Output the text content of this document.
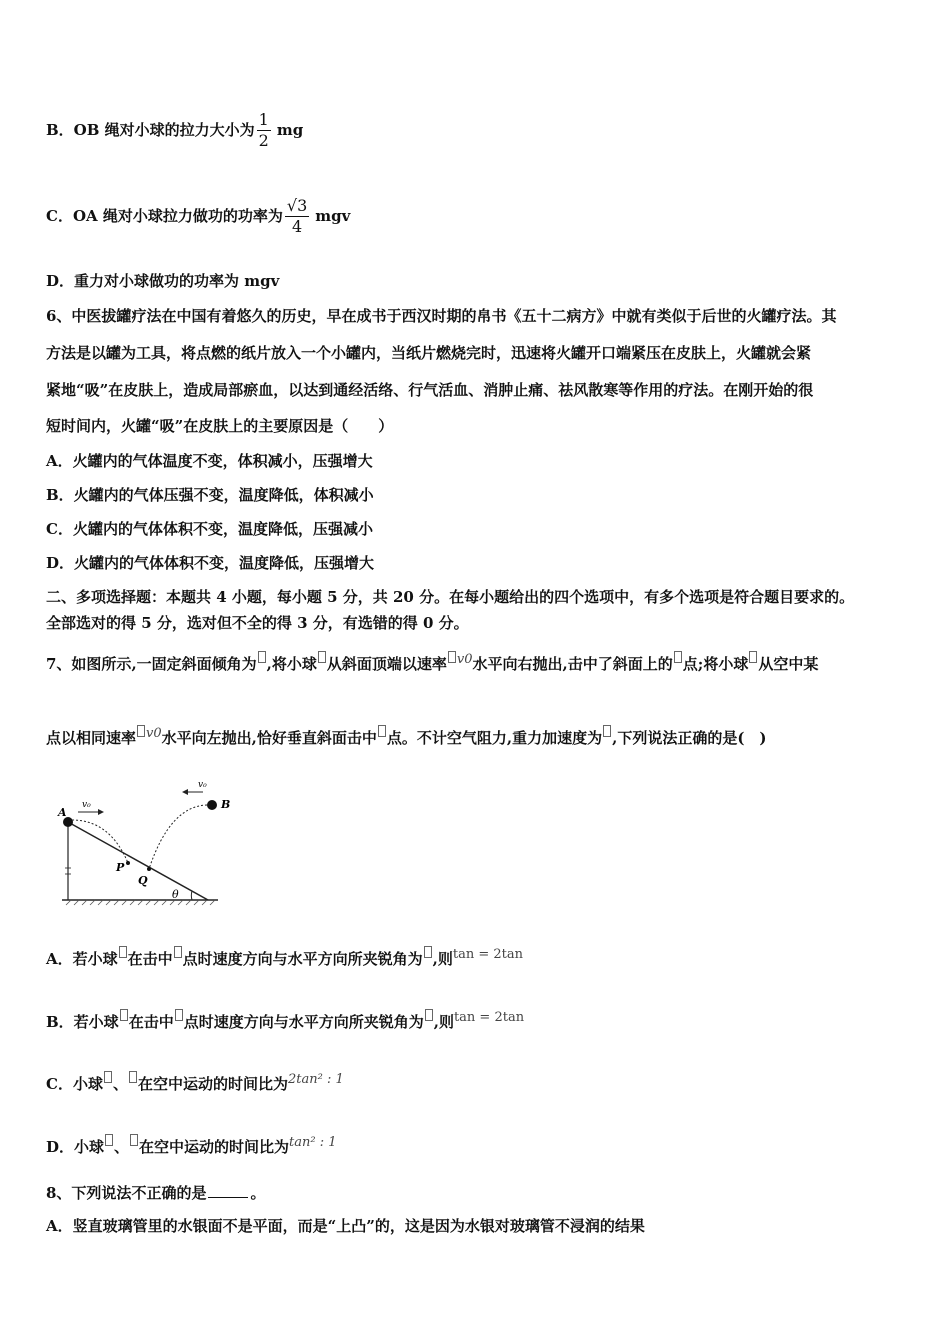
B．OB 绳对小球的拉力大小为 $\frac{1}{2}$ mg
C．OA 绳对小球拉力做功的功率为 $\frac{√3}{4}$ mgv
D．重力对小球做功的功率为 mgv
6、中医拔罐疗法在中国有着悠久的历史，早在成书于西汉时期的帛书《五十二病方》中就有类似于后世的火罐疗法。其
方法是以罐为工具，将点燃的纸片放入一个小罐内，当纸片燃烧完时，迅速将火罐开口端紧压在皮肤上，火罐就会紧
紧地“吸”在皮肤上，造成局部瘀血，以达到通经活络、行气活血、消肿止痛、祛风散寒等作用的疗法。在刚开始的很
短时间内，火罐“吸”在皮肤上的主要原因是（　　）
A．火罐内的气体温度不变，体积减小，压强增大
B．火罐内的气体压强不变，温度降低，体积减小
C．火罐内的气体体积不变，温度降低，压强减小
D．火罐内的气体体积不变，温度降低，压强增大
二、多项选择题：本题共 4 小题，每小题 5 分，共 20 分。在每小题给出的四个选项中，有多个选项是符合题目要求的。
全部选对的得 5 分，选对但不全的得 3 分，有选错的得 0 分。
7、如图所示,一固定斜面倾角为 ,将小球 从斜面顶端以速率 v0水平向右抛出,击中了斜面上的 点;将小球 从空中某
点以相同速率 v0水平向左抛出,恰好垂直斜面击中 点。不计空气阻力,重力加速度为 ,下列说法正确的是(　)
θ
A
v₀
P
B
v₀
Q
A．若小球 在击中 点时速度方向与水平方向所夹锐角为 ,则tan = 2tan
B．若小球 在击中 点时速度方向与水平方向所夹锐角为 ,则tan = 2tan
C．小球 、 在空中运动的时间比为2tan² : 1
D．小球 、 在空中运动的时间比为tan² : 1
8、下列说法不正确的是	。
A．竖直玻璃管里的水银面不是平面，而是“上凸”的，这是因为水银对玻璃管不浸润的结果
